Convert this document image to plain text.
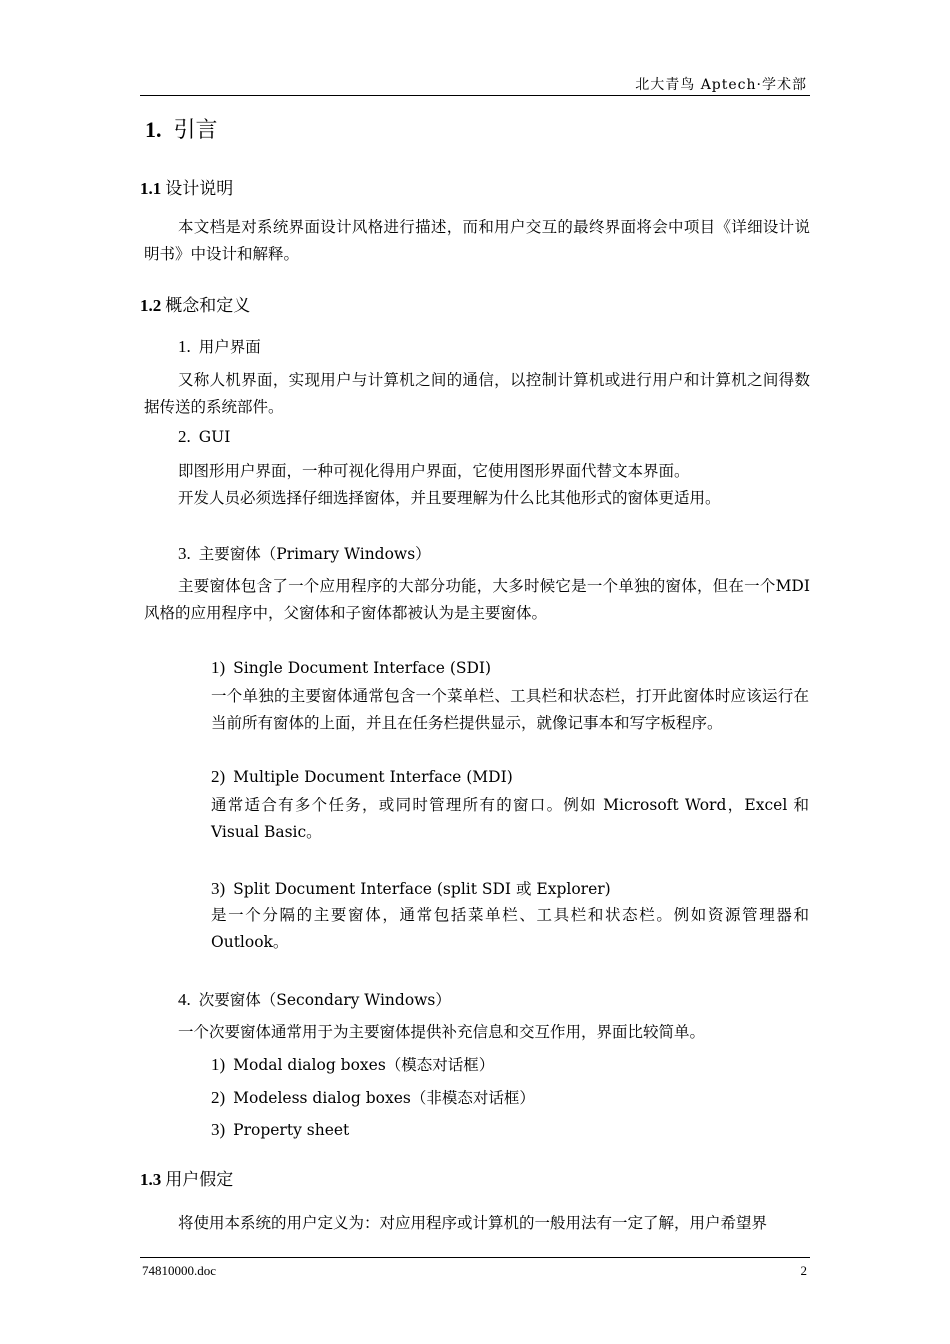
北大青鸟 Aptech·学术部
1. 引言
1.1 设计说明
本文档是对系统界面设计风格进行描述，而和用户交互的最终界面将会中项目《详细设计说明书》中设计和解释。
1.2 概念和定义
1. 用户界面
又称人机界面，实现用户与计算机之间的通信，以控制计算机或进行用户和计算机之间得数据传送的系统部件。
2. GUI
即图形用户界面，一种可视化得用户界面，它使用图形界面代替文本界面。
开发人员必须选择仔细选择窗体，并且要理解为什么比其他形式的窗体更适用。
3. 主要窗体（Primary Windows）
主要窗体包含了一个应用程序的大部分功能，大多时候它是一个单独的窗体，但在一个MDI 风格的应用程序中，父窗体和子窗体都被认为是主要窗体。
1) Single Document Interface (SDI)
一个单独的主要窗体通常包含一个菜单栏、工具栏和状态栏，打开此窗体时应该运行在当前所有窗体的上面，并且在任务栏提供显示，就像记事本和写字板程序。
2) Multiple Document Interface (MDI)
通常适合有多个任务，或同时管理所有的窗口。例如 Microsoft Word，Excel 和 Visual Basic。
3) Split Document Interface (split SDI 或 Explorer)
是一个分隔的主要窗体，通常包括菜单栏、工具栏和状态栏。例如资源管理器和Outlook。
4. 次要窗体（Secondary Windows）
一个次要窗体通常用于为主要窗体提供补充信息和交互作用，界面比较简单。
1) Modal dialog boxes（模态对话框）
2) Modeless dialog boxes（非模态对话框）
3) Property sheet
1.3 用户假定
将使用本系统的用户定义为：对应用程序或计算机的一般用法有一定了解，用户希望界
74810000.doc	2
